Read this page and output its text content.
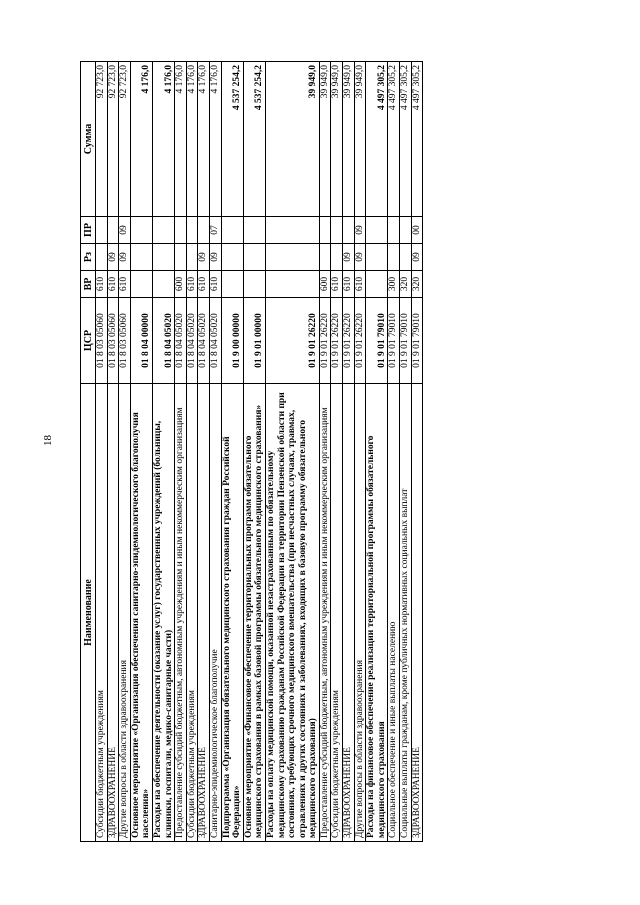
18
Наименование	ЦСР	ВР	Рз	ПР	Сумма
Субсидии бюджетным учреждениям	01 8 03 05060	610			92 723,0
ЗДРАВООХРАНЕНИЕ	01 8 03 05060	610	09		92 723,0
Другие вопросы в области здравоохранения	01 8 03 05060	610	09	09	92 723,0
Основное мероприятие «Организация обеспечения санитарно-эпидемиологического благополучия населения»	01 8 04 00000				4 176,0
Расходы на обеспечение деятельности (оказание услуг) государственных учреждений (больницы, клиники, госпитали, медико-санитарные части)	01 8 04 05020				4 176,0
Предоставление субсидий бюджетным, автономным учреждениям и иным некоммерческим организациям	01 8 04 05020	600			4 176,0
Субсидии бюджетным учреждениям	01 8 04 05020	610			4 176,0
ЗДРАВООХРАНЕНИЕ	01 8 04 05020	610	09		4 176,0
Санитарно-эпидемиологическое благополучие	01 8 04 05020	610	09	07	4 176,0
Подпрограмма «Организация обязательного медицинского страхования граждан Российской Федерации»	01 9 00 00000				4 537 254,2
Основное мероприятие «Финансовое обеспечение территориальных программ обязательного медицинского страхования в рамках базовой программы обязательного медицинского страхования»	01 9 01 00000				4 537 254,2
Расходы на оплату медицинской помощи, оказанной незастрахованным по обязательному медицинскому страхованию гражданам Российской Федерации на территории Пензенской области при состояниях, требующих срочного медицинского вмешательства (при несчастных случаях, травмах, отравлениях и других состояниях и заболеваниях, входящих в базовую программу обязательного медицинского страхования)	01 9 01 26220				39 949,0
Предоставление субсидий бюджетным, автономным учреждениям и иным некоммерческим организациям	01 9 01 26220	600			39 949,0
Субсидии бюджетным учреждениям	01 9 01 26220	610			39 949,0
ЗДРАВООХРАНЕНИЕ	01 9 01 26220	610	09		39 949,0
Другие вопросы в области здравоохранения	01 9 01 26220	610	09	09	39 949,0
Расходы на финансовое обеспечение реализации территориальной программы обязательного медицинского страхования	01 9 01 79010				4 497 305,2
Социальное обеспечение и иные выплаты населению	01 9 01 79010	300			4 497 305,2
Социальные выплаты гражданам, кроме публичных нормативных социальных выплат	01 9 01 79010	320			4 497 305,2
ЗДРАВООХРАНЕНИЕ	01 9 01 79010	320	09	00	4 497 305,2
